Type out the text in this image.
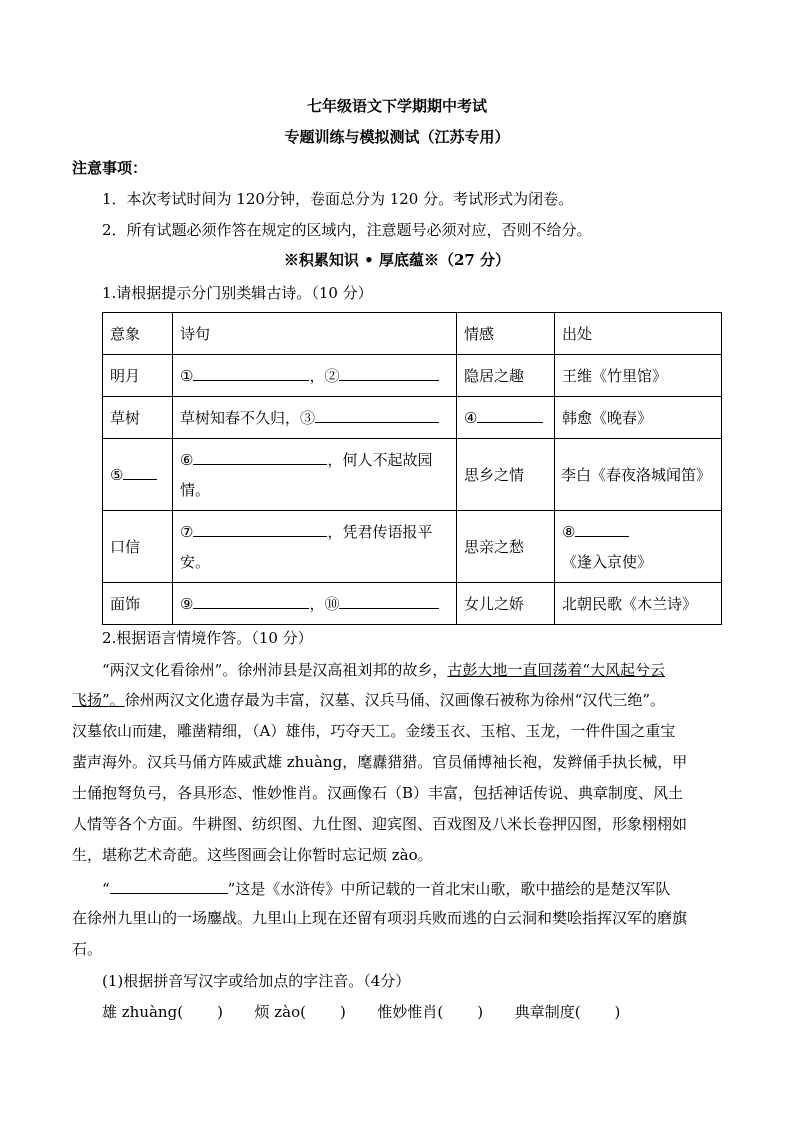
七年级语文下学期期中考试
专题训练与模拟测试（江苏专用）
注意事项：
1．本次考试时间为 120分钟，卷面总分为 120 分。考试形式为闭卷。
2．所有试题必须作答在规定的区域内，注意题号必须对应，否则不给分。
※积累知识 • 厚底蕴※（27 分）
1.请根据提示分门别类辑古诗。（10 分）
意象	诗句	情感	出处
明月	① ，②	隐居之趣	王维《竹里馆》
草树	草树知春不久归，③	④	韩愈《晚春》
⑤	⑥ ，何人不起故园情。	思乡之情	李白《春夜洛城闻笛》
口信	⑦ ，凭君传语报平安。	思亲之愁	⑧《逢入京使》
面饰	⑨ ，⑩	女儿之娇	北朝民歌《木兰诗》
2.根据语言情境作答。（10 分）
“两汉文化看徐州”。徐州沛县是汉高祖刘邦的故乡，古彭大地一直回荡着“大风起兮云
飞扬”。徐州两汉文化遗存最为丰富，汉墓、汉兵马俑、汉画像石被称为徐州“汉代三绝”。
汉墓依山而建，雕凿精细，（A）雄伟，巧夺天工。金缕玉衣、玉棺、玉龙，一件件国之重宝
蜚声海外。汉兵马俑方阵威武雄 zhuàng，麾纛猎猎。官员俑博袖长袍，发辫俑手执长械，甲
士俑抱弩负弓，各具形态、惟妙惟肖。汉画像石（B）丰富，包括神话传说、典章制度、风土
人情等各个方面。牛耕图、纺织图、九仕图、迎宾图、百戏图及八米长卷押囚图，形象栩栩如
生，堪称艺术奇葩。这些图画会让你暂时忘记烦 zào。
“	”这是《水浒传》中所记载的一首北宋山歌，歌中描绘的是楚汉军队
在徐州九里山的一场鏖战。九里山上现在还留有项羽兵败而逃的白云洞和樊哙指挥汉军的磨旗
石。
(1)根据拼音写汉字或给加点的字注音。（4分）
雄 zhuàng( ) 烦 zào( ) 惟妙惟肖( ) 典章制度( )
